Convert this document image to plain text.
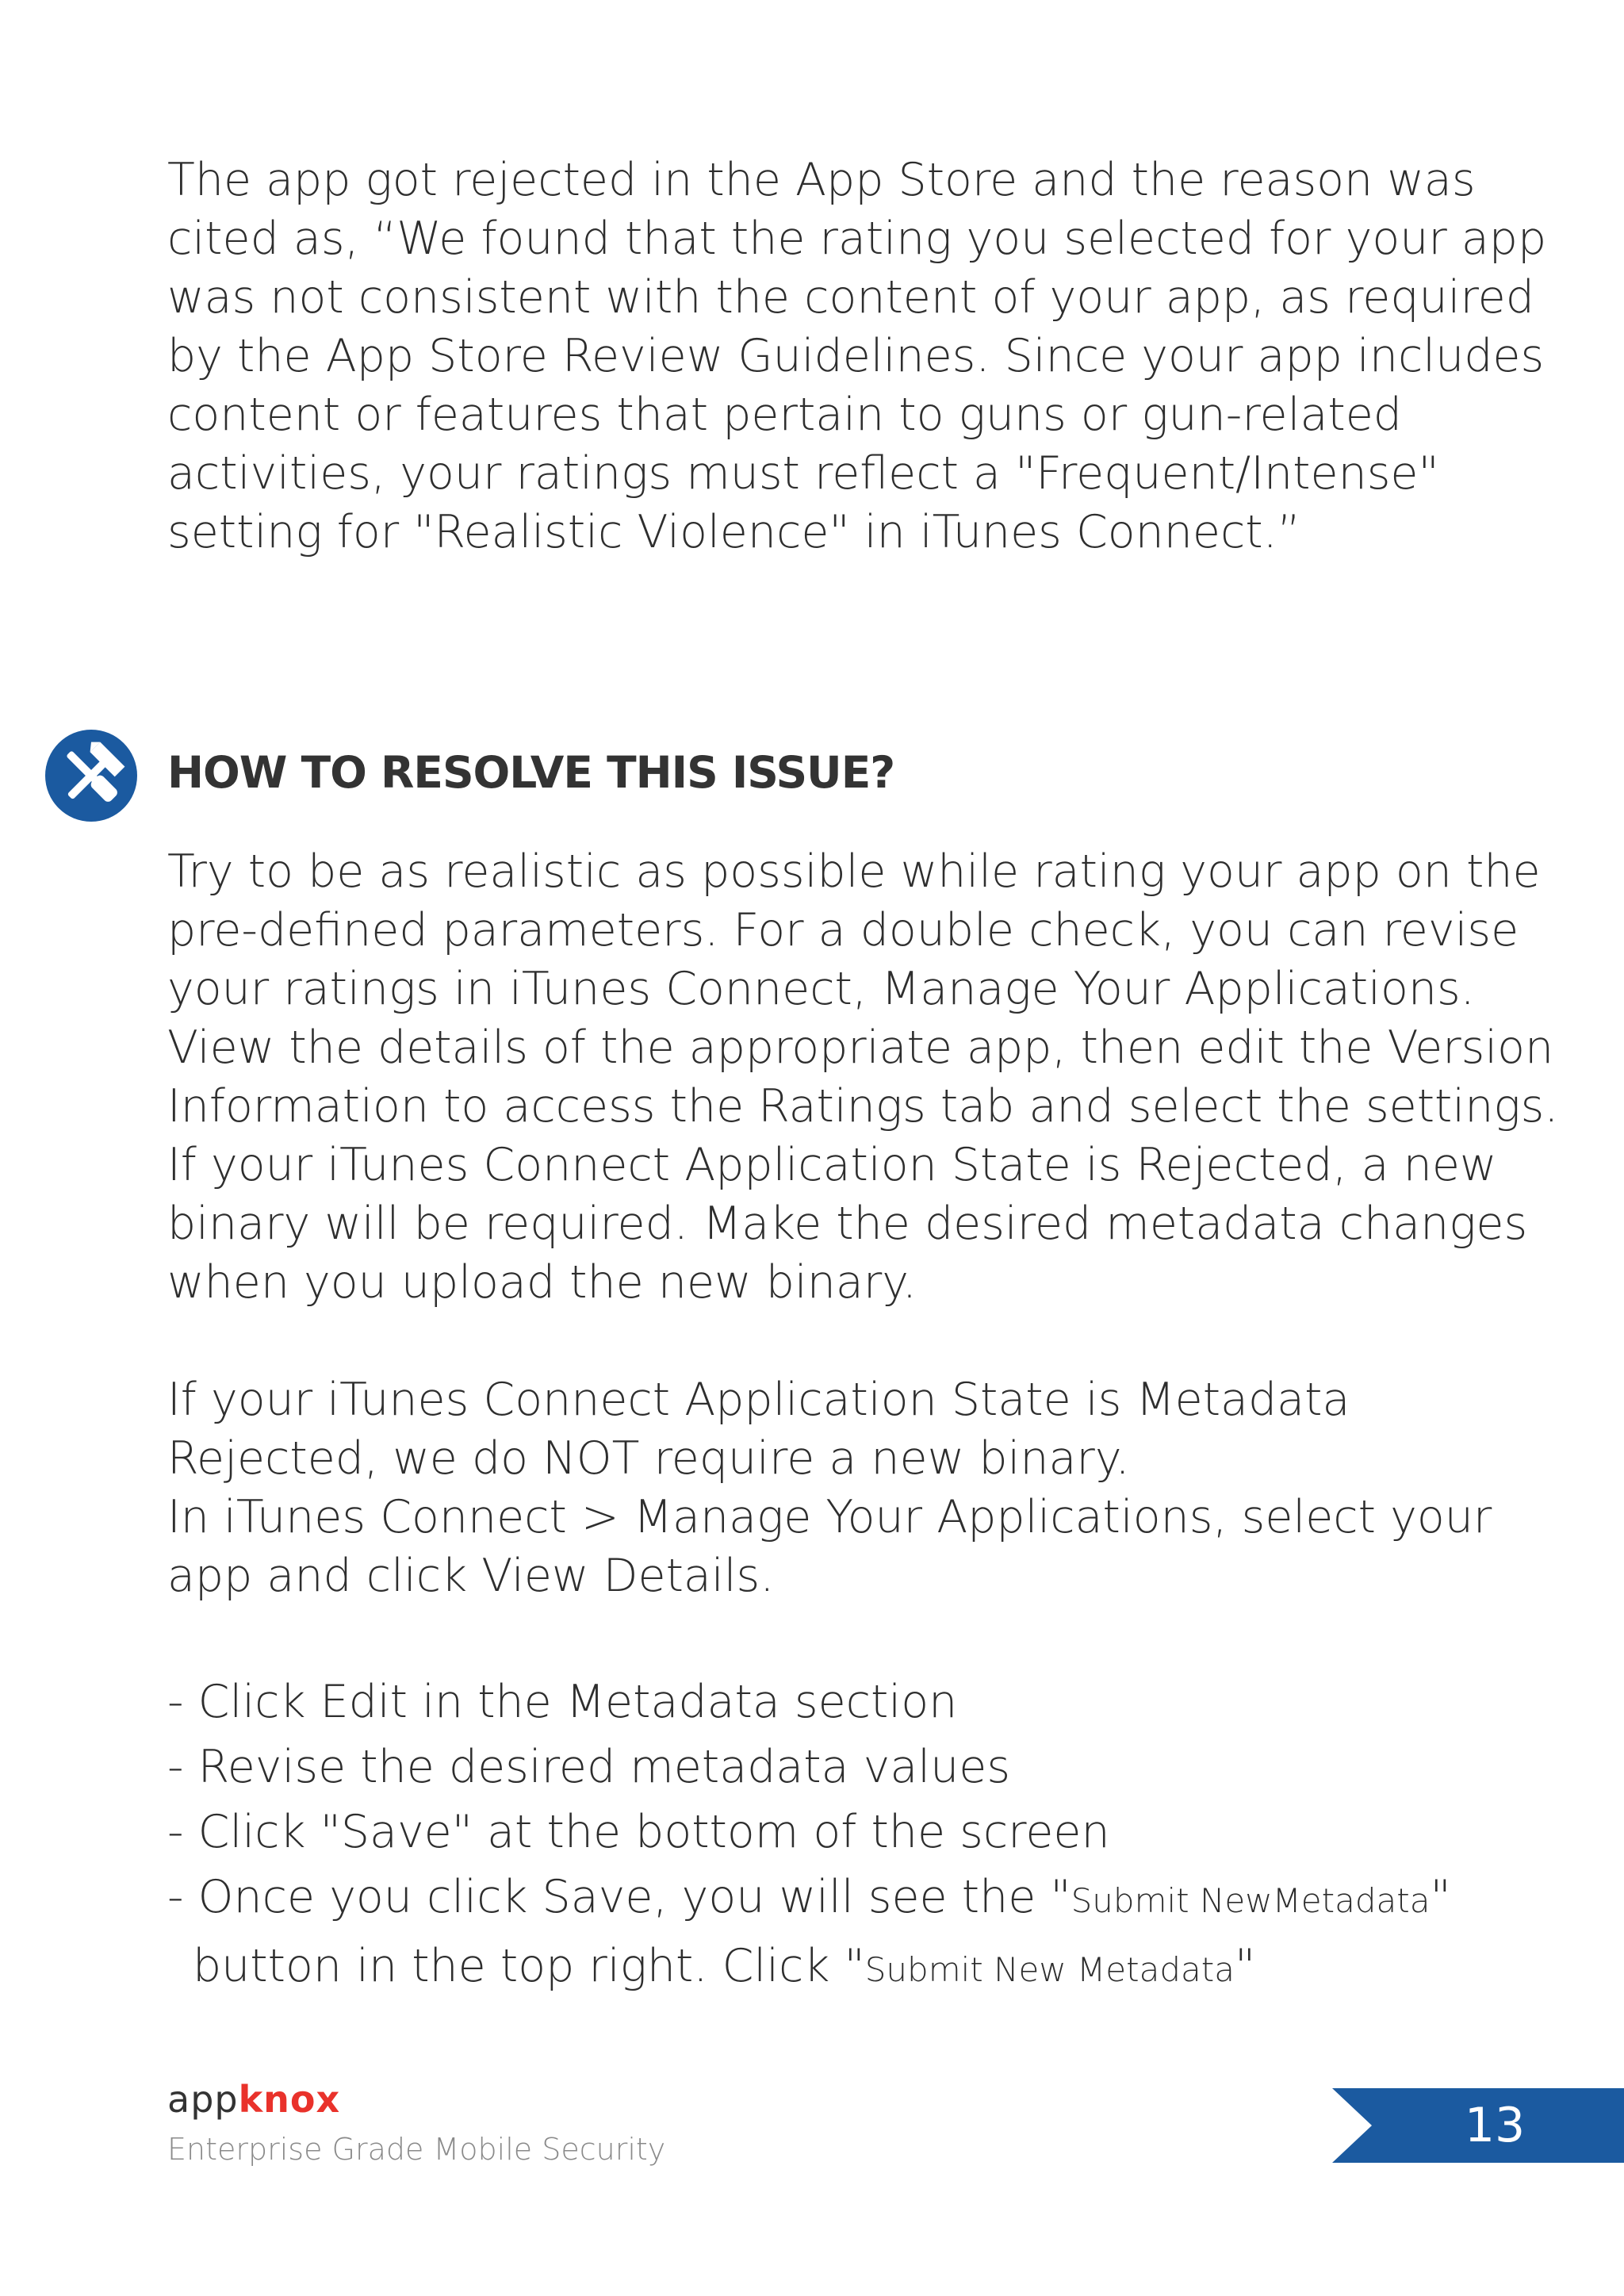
The app got rejected in the App Store and the reason was
cited as, “We found that the rating you selected for your app
was not consistent with the content of your app, as required
by the App Store Review Guidelines. Since your app includes
content or features that pertain to guns or gun-related
activities, your ratings must reflect a "Frequent/Intense"
setting for "Realistic Violence" in iTunes Connect.”
HOW TO RESOLVE THIS ISSUE?

Try to be as realistic as possible while rating your app on the
pre-defined parameters. For a double check, you can revise
your ratings in iTunes Connect, Manage Your Applications.
View the details of the appropriate app, then edit the Version
Information to access the Ratings tab and select the settings.
If your iTunes Connect Application State is Rejected, a new
binary will be required. Make the desired metadata changes
when you upload the new binary.

If your iTunes Connect Application State is Metadata
Rejected, we do NOT require a new binary.
In iTunes Connect > Manage Your Applications, select your
app and click View Details.

- Click Edit in the Metadata section
- Revise the desired metadata values
- Click "Save" at the bottom of the screen
- Once you click Save, you will see the "Submit NewMetadata"
button in the top right. Click "Submit New Metadata"
appknox
Enterprise Grade Mobile Security	13
